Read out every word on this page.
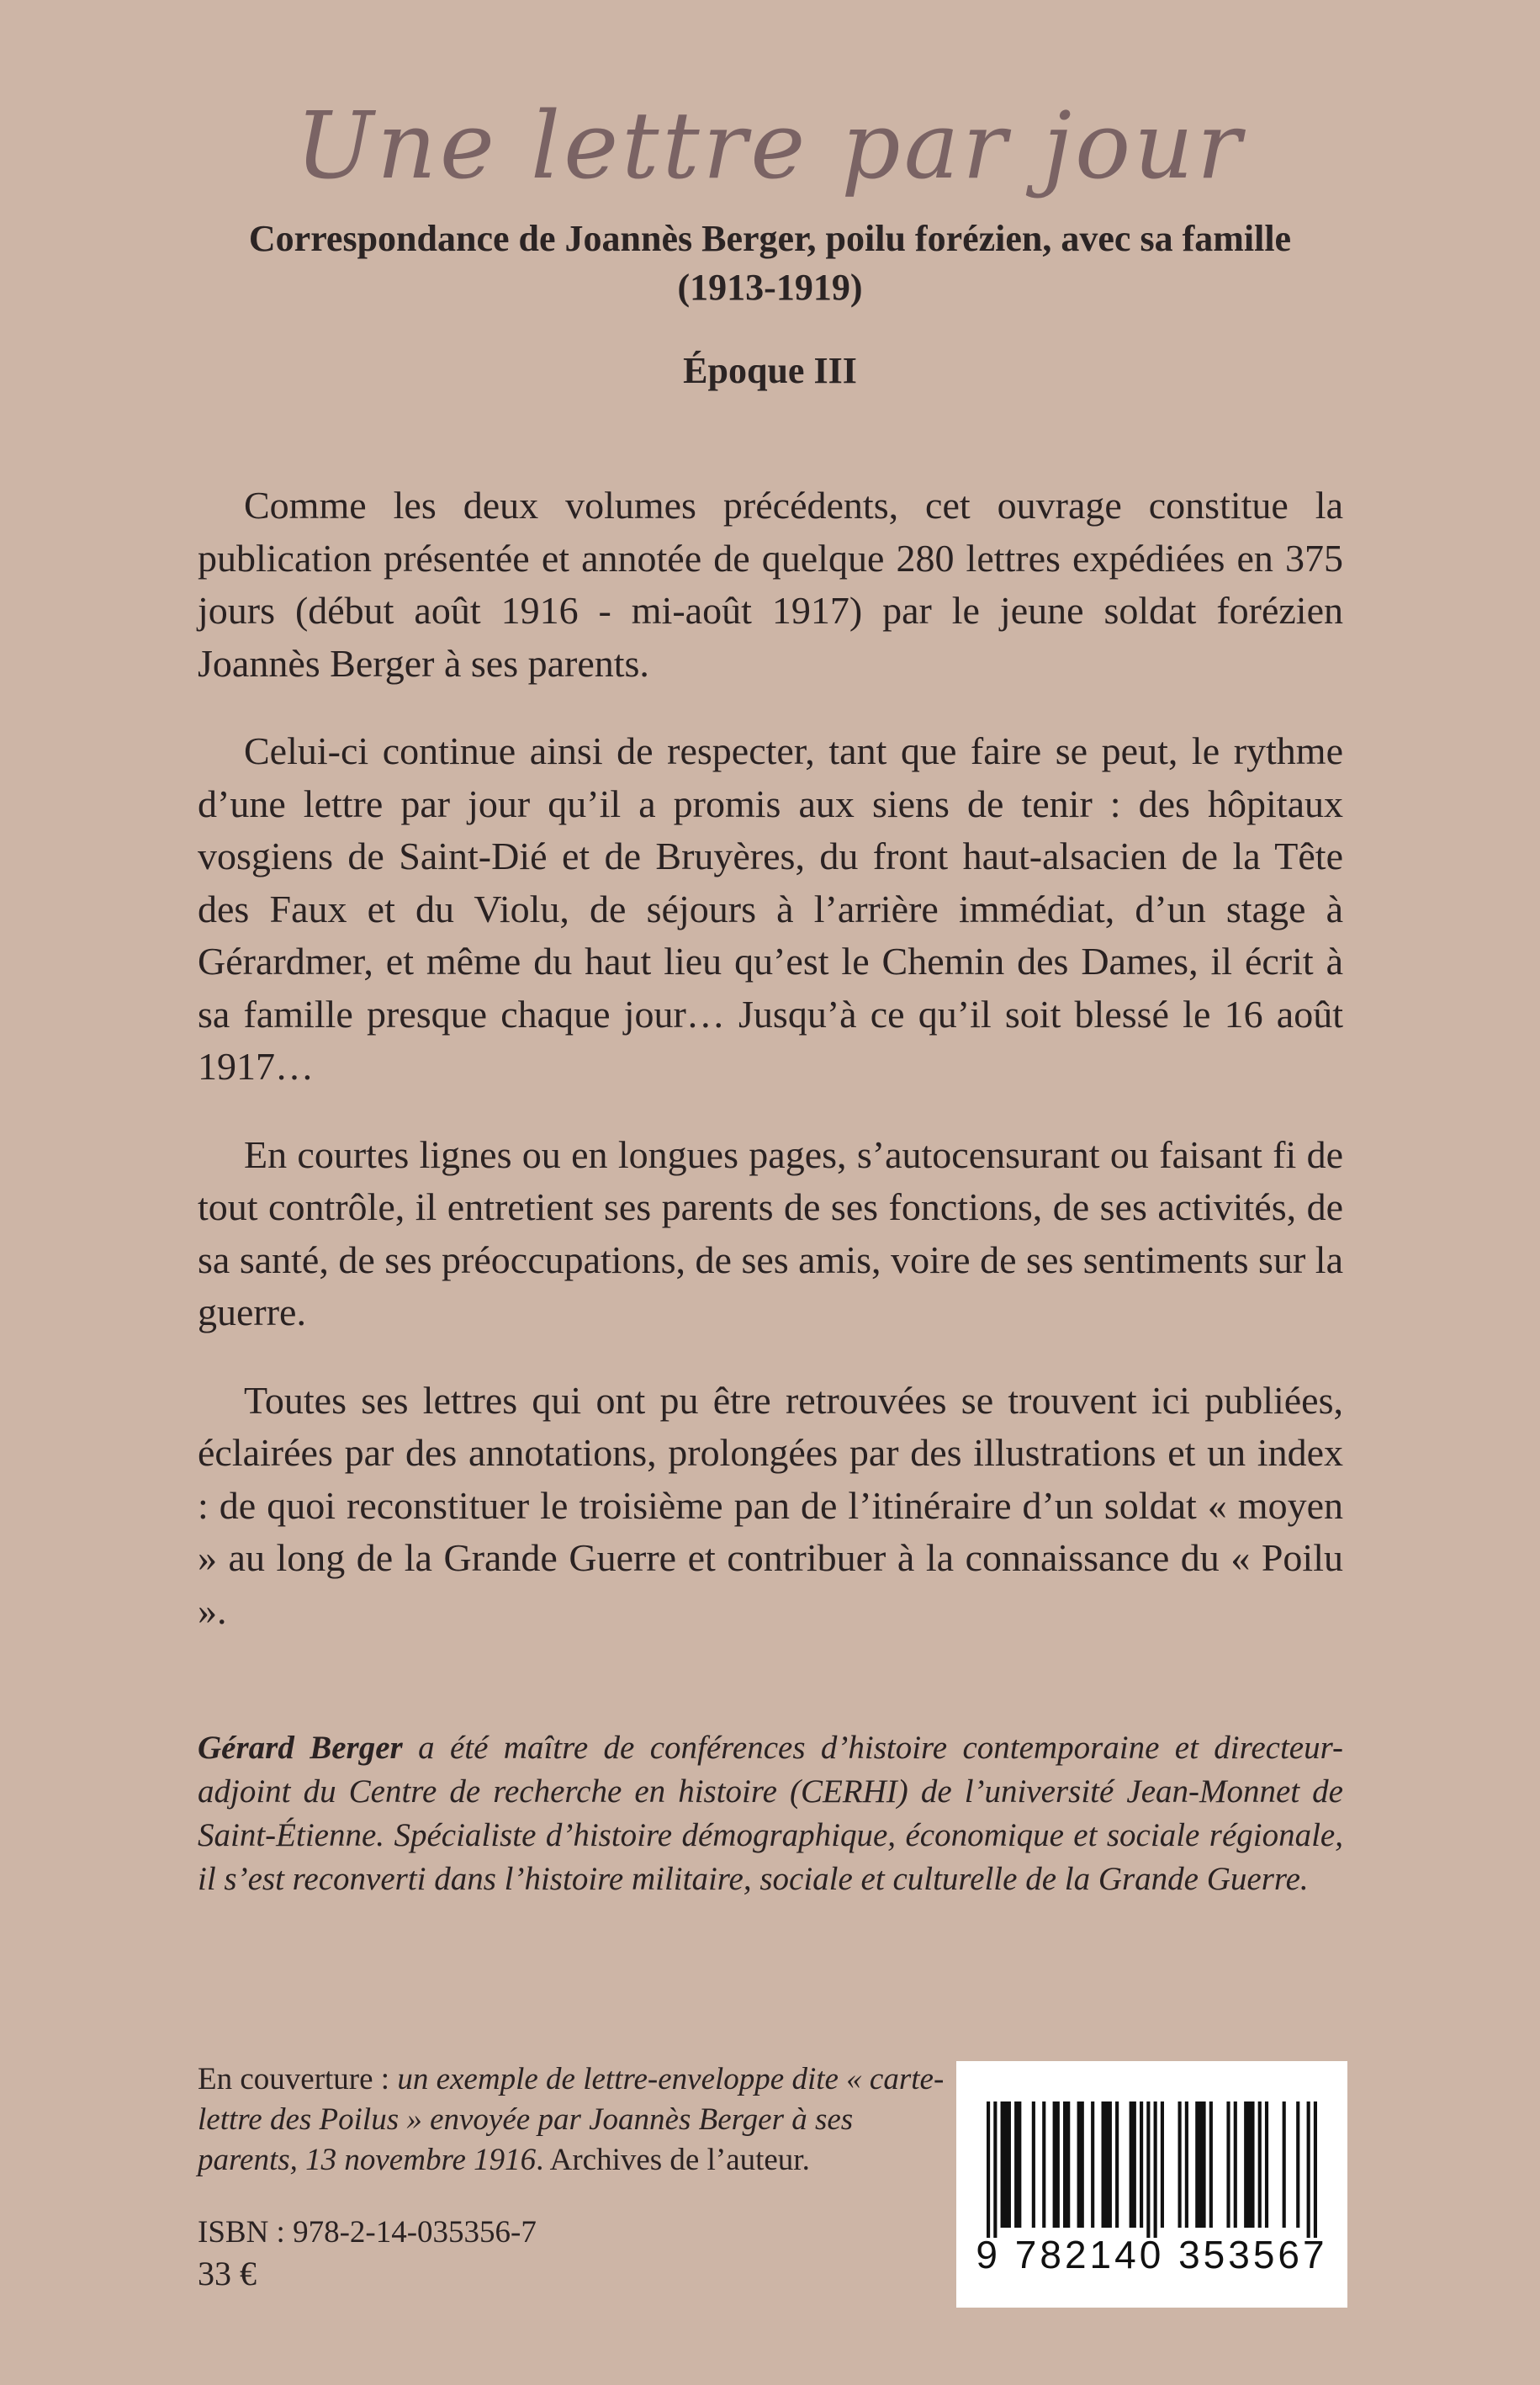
Une lettre par jour
Correspondance de Joannès Berger, poilu forézien, avec sa famille
(1913-1919)
Époque III

Comme les deux volumes précédents, cet ouvrage constitue la publication présentée et annotée de quelque 280 lettres expédiées en 375 jours (début août 1916 - mi-août 1917) par le jeune soldat forézien Joannès Berger à ses parents.

Celui-ci continue ainsi de respecter, tant que faire se peut, le rythme d’une lettre par jour qu’il a promis aux siens de tenir : des hôpitaux vosgiens de Saint-Dié et de Bruyères, du front haut-alsacien de la Tête des Faux et du Violu, de séjours à l’arrière immédiat, d’un stage à Gérardmer, et même du haut lieu qu’est le Chemin des Dames, il écrit à sa famille presque chaque jour… Jusqu’à ce qu’il soit blessé le 16 août 1917…

En courtes lignes ou en longues pages, s’autocensurant ou faisant fi de tout contrôle, il entretient ses parents de ses fonctions, de ses activités, de sa santé, de ses préoccupations, de ses amis, voire de ses sentiments sur la guerre.

Toutes ses lettres qui ont pu être retrouvées se trouvent ici publiées, éclairées par des annotations, prolongées par des illustrations et un index : de quoi reconstituer le troisième pan de l’itinéraire d’un soldat « moyen » au long de la Grande Guerre et contribuer à la connaissance du « Poilu ».

Gérard Berger a été maître de conférences d’histoire contemporaine et directeur-adjoint du Centre de recherche en histoire (CERHI) de l’université Jean-Monnet de Saint-Étienne. Spécialiste d’histoire démographique, économique et sociale régionale, il s’est reconverti dans l’histoire militaire, sociale et culturelle de la Grande Guerre.
En couverture : un exemple de lettre-enveloppe dite « carte-lettre des Poilus » envoyée par Joannès Berger à ses parents, 13 novembre 1916. Archives de l’auteur.
ISBN : 978-2-14-035356-7
33 €	9 782140 353567
